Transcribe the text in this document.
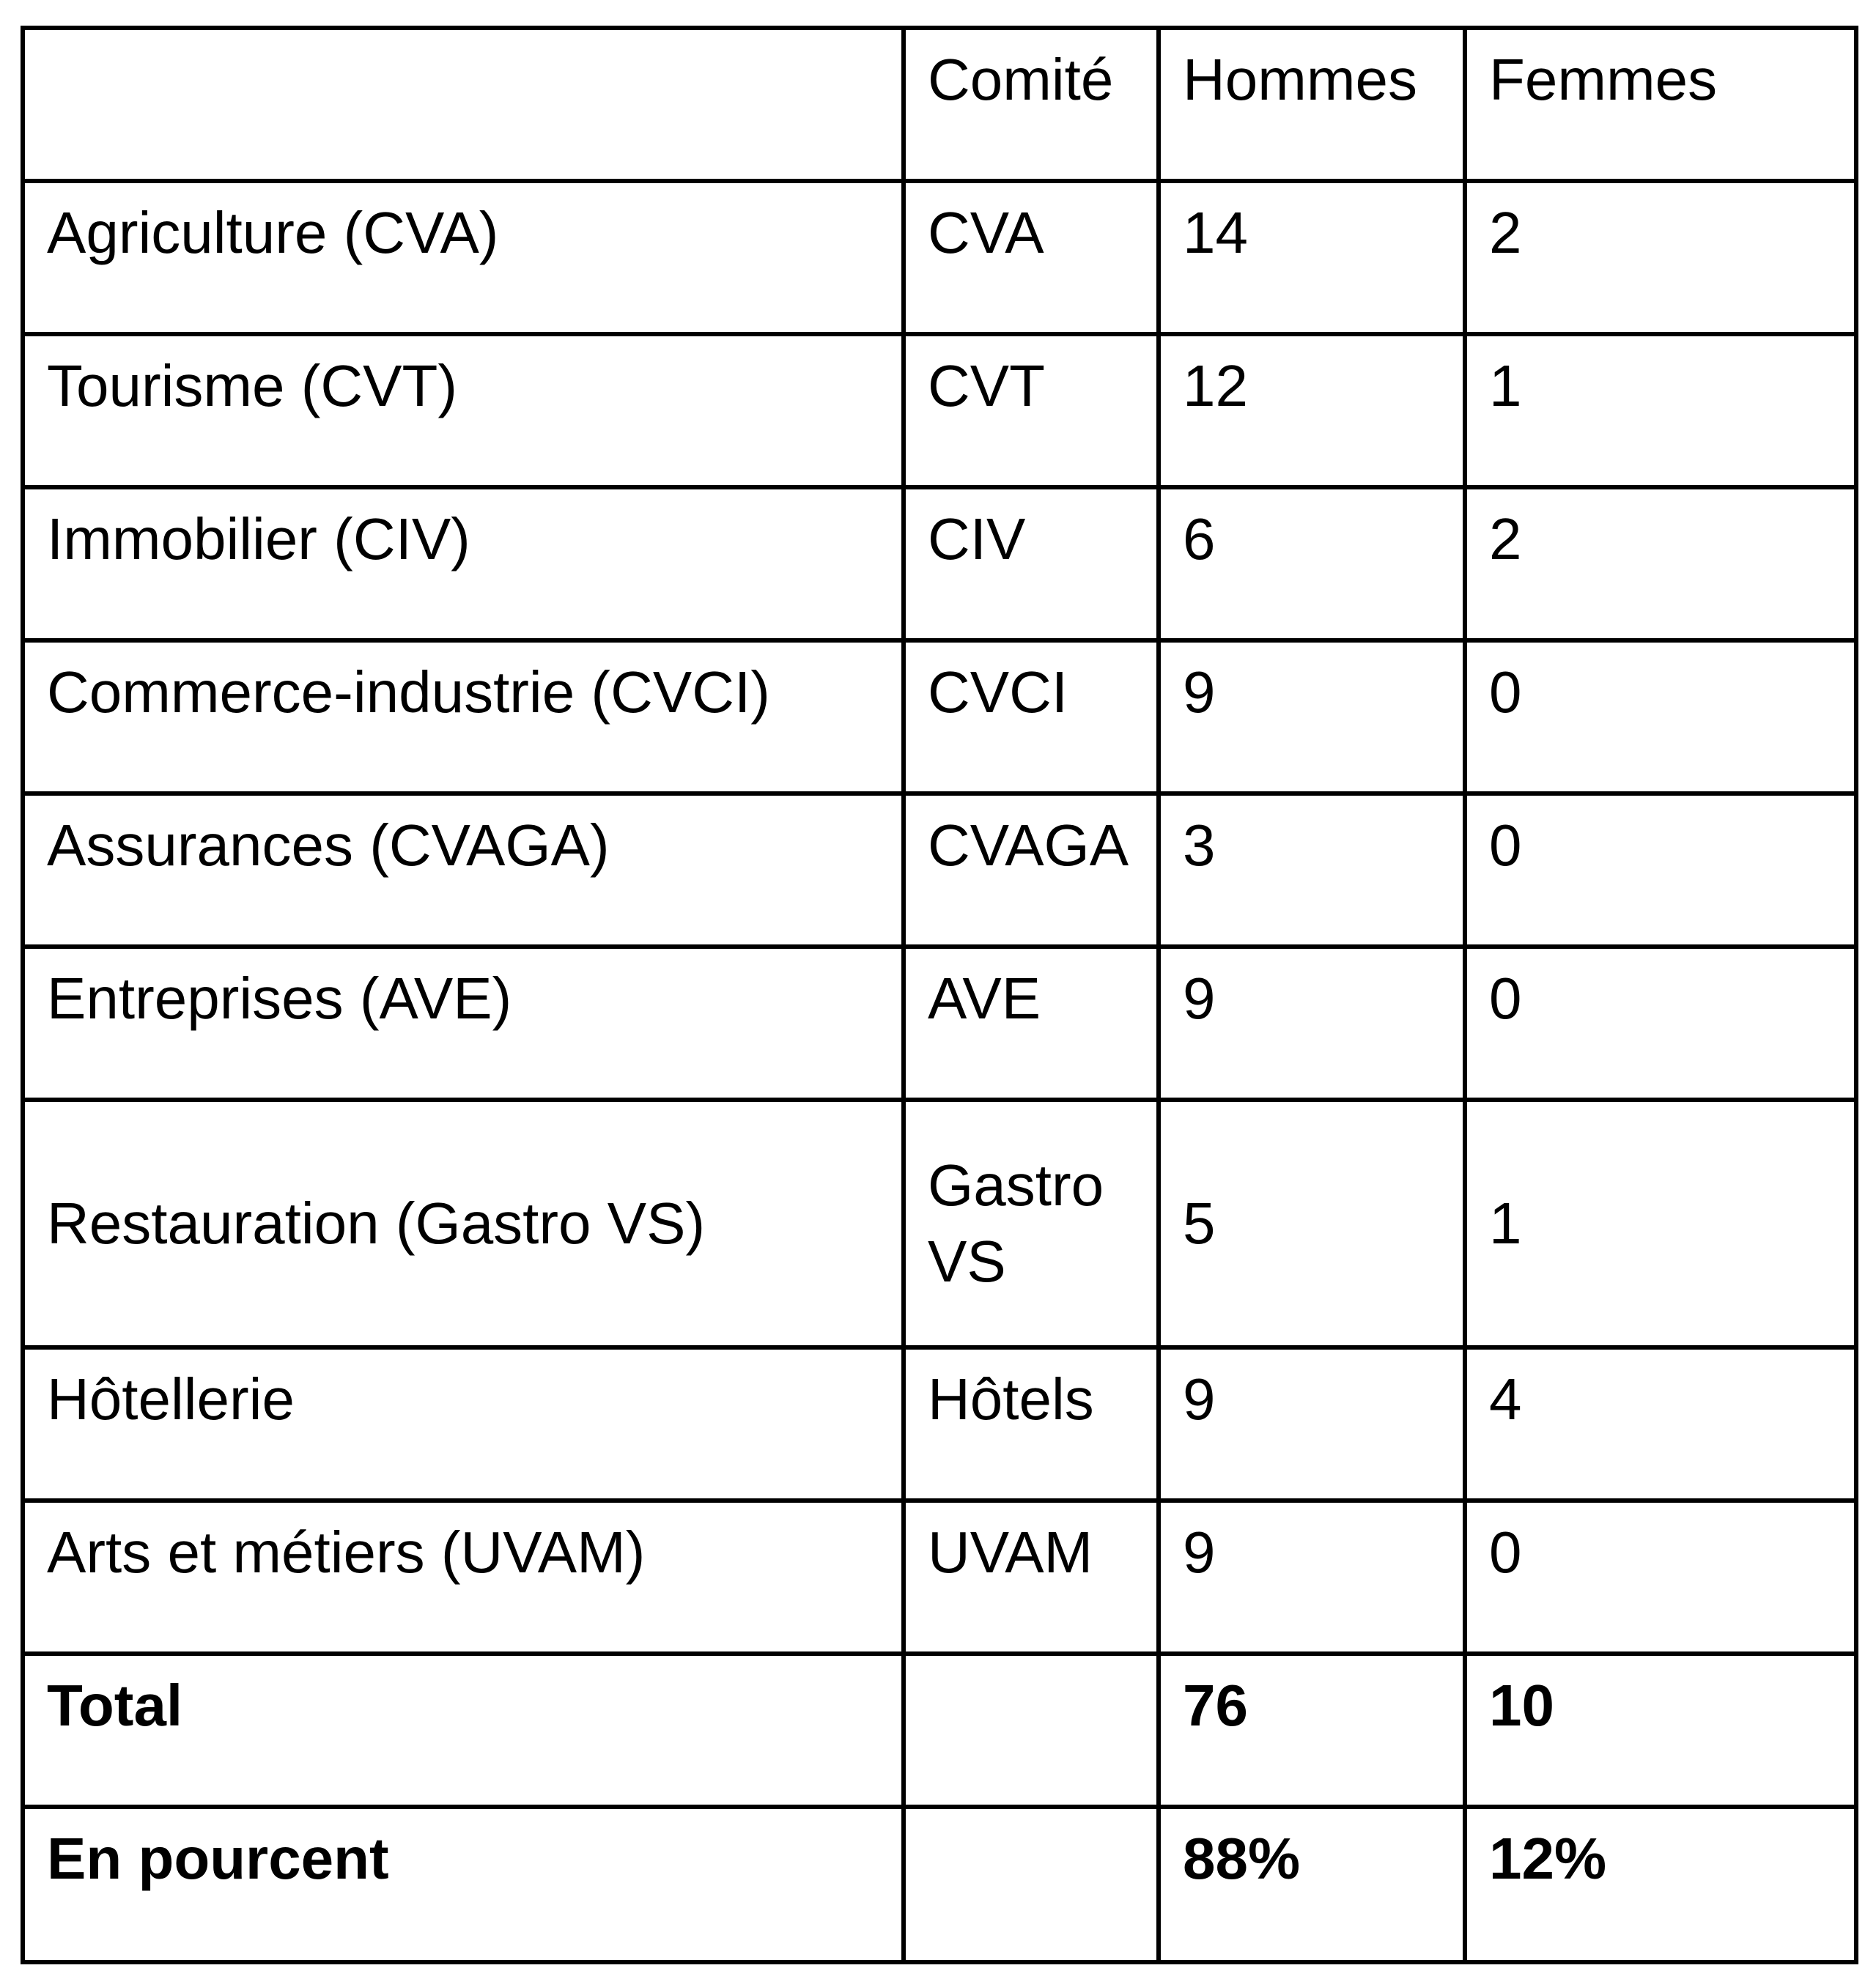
	Comité	Hommes	Femmes
Agriculture (CVA)	CVA	14	2
Tourisme (CVT)	CVT	12	1
Immobilier (CIV)	CIV	6	2
Commerce-industrie (CVCI)	CVCI	9	0
Assurances (CVAGA)	CVAGA	3	0
Entreprises (AVE)	AVE	9	0
Restauration (Gastro VS)	Gastro VS	5	1
Hôtellerie	Hôtels	9	4
Arts et métiers (UVAM)	UVAM	9	0
Total		76	10
En pourcent		88%	12%
